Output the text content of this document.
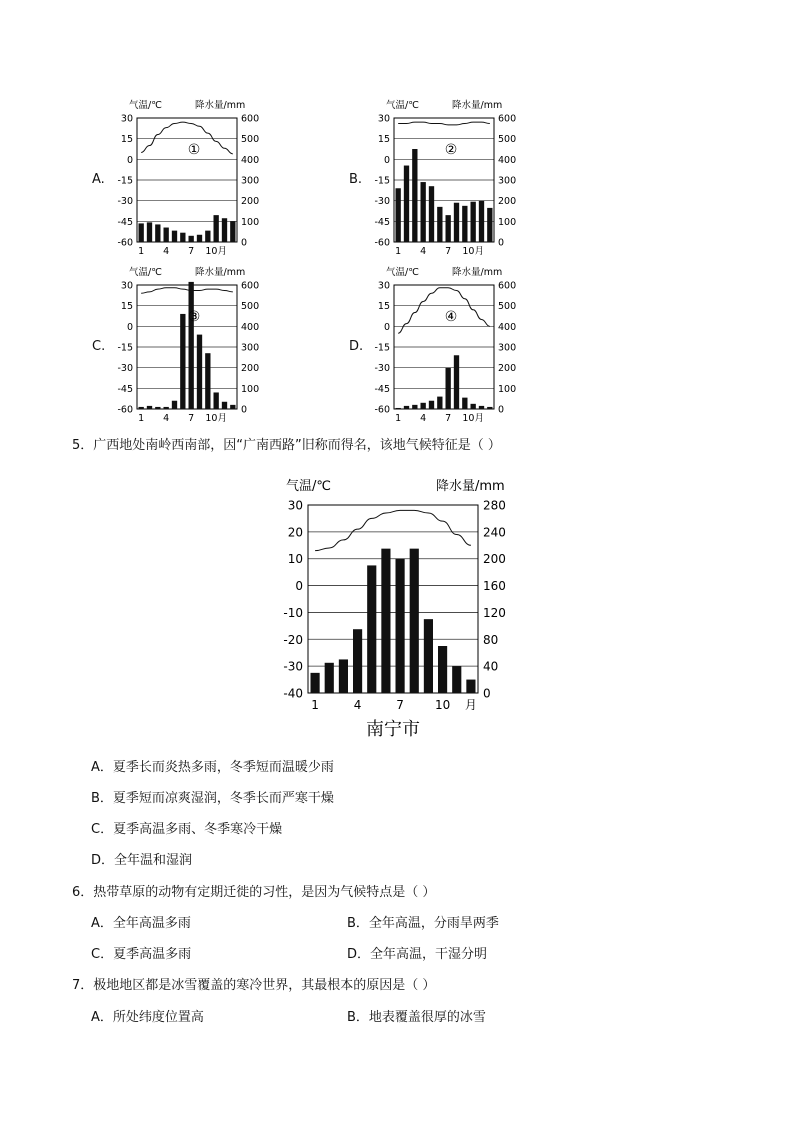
A.
气温/℃	降水量/mm
30	600
15	500
0	400
-15	300
-30	200
-45	100
-60	0
①
1 4 7 10月
B.
气温/℃	降水量/mm
30	600
15	500
0	400
-15	300
-30	200
-45	100
-60	0
②
1 4 7 10月
C.
气温/℃	降水量/mm
30	600
15	500
0	400
-15	300
-30	200
-45	100
-60	0
③
1 4 7 10月
D.
气温/℃	降水量/mm
30	600
15	500
0	400
-15	300
-30	200
-45	100
-60	0
④
1 4 7 10月
5．广西地处南岭西南部，因“广南西路”旧称而得名，该地气候特征是（ ）
气温/℃	降水量/mm
30	280
20	240
10	200
0	160
-10	120
-20	80
-30	40
-40	0
1	4	7	10 月
南宁市
A．夏季长而炎热多雨，冬季短而温暖少雨
B．夏季短而凉爽湿润，冬季长而严寒干燥
C．夏季高温多雨、冬季寒冷干燥
D．全年温和湿润
6．热带草原的动物有定期迁徙的习性，是因为气候特点是（ ）
A．全年高温多雨	B．全年高温，分雨旱两季
C．夏季高温多雨	D．全年高温，干湿分明
7．极地地区都是冰雪覆盖的寒冷世界，其最根本的原因是（ ）
A．所处纬度位置高	B．地表覆盖很厚的冰雪
